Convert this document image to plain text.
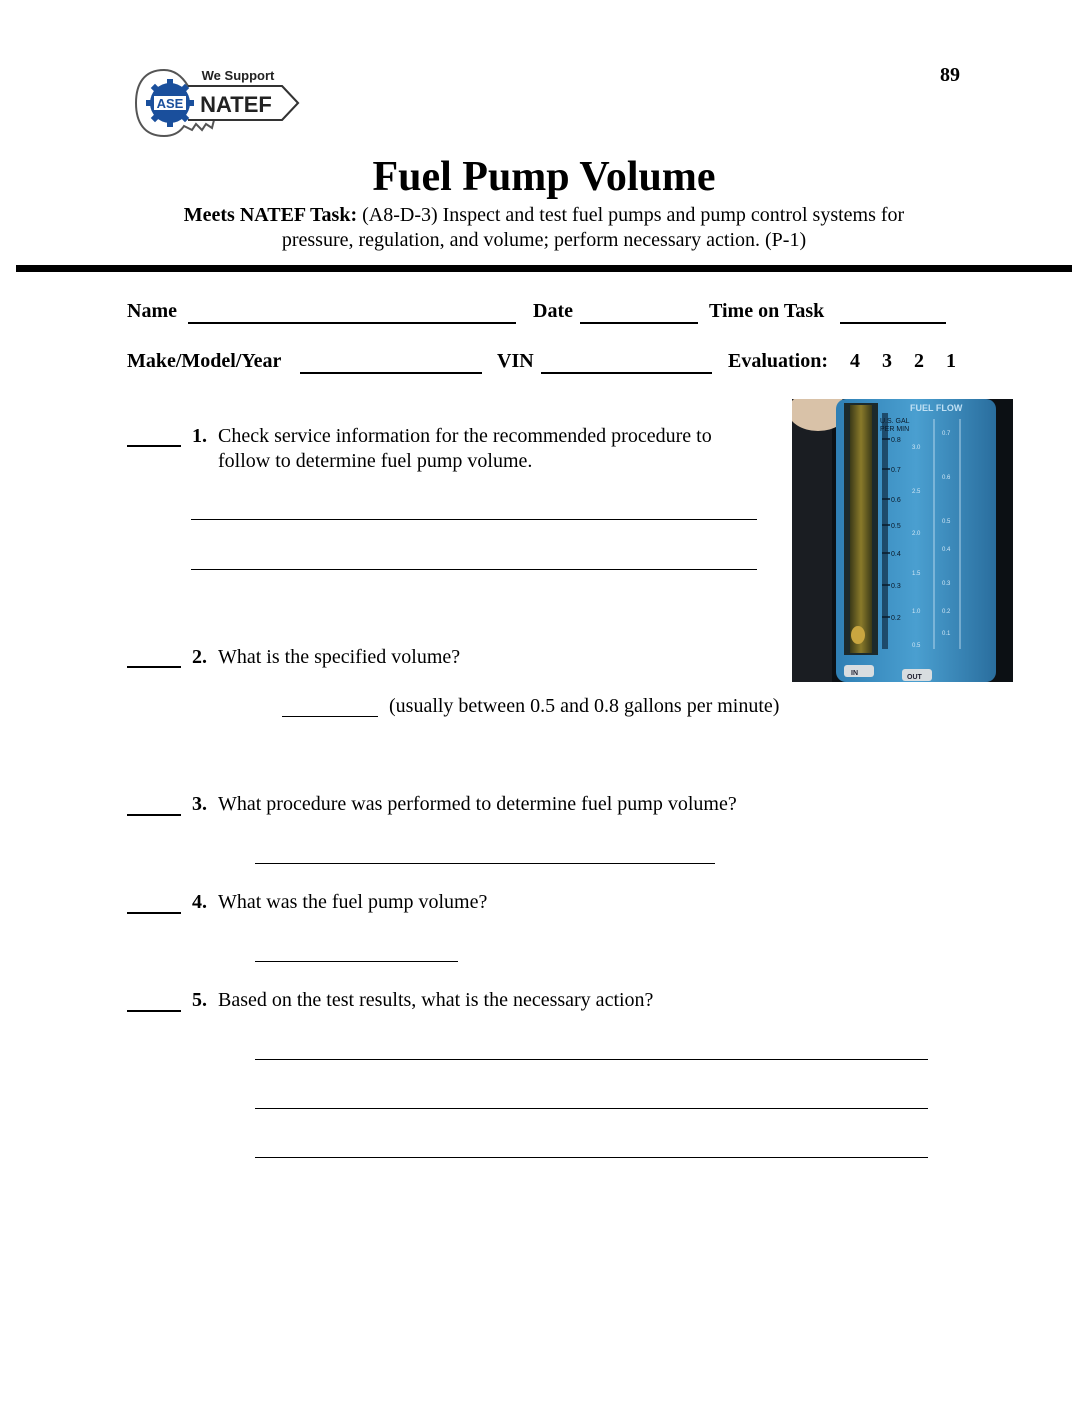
89
ASE
We Support
NATEF
Fuel Pump Volume
Meets NATEF Task: (A8-D-3) Inspect and test fuel pumps and pump control systems for
pressure, regulation, and volume; perform necessary action. (P-1)
Name	Date	Time on Task
Make/Model/Year	VIN	Evaluation: 4 3 2 1
U.S. GAL
PER MIN
0.8
0.7
0.6
0.5
0.4
0.3
0.2
3.0
2.5
2.0
1.5
1.0
0.5
0.7
0.6
0.5
0.4
0.3
0.2
0.1
FUEL FLOW
IN
OUT
1. Check service information for the recommended procedure to
follow to determine fuel pump volume.
2. What is the specified volume?
(usually between 0.5 and 0.8 gallons per minute)
3. What procedure was performed to determine fuel pump volume?
4. What was the fuel pump volume?
5. Based on the test results, what is the necessary action?
